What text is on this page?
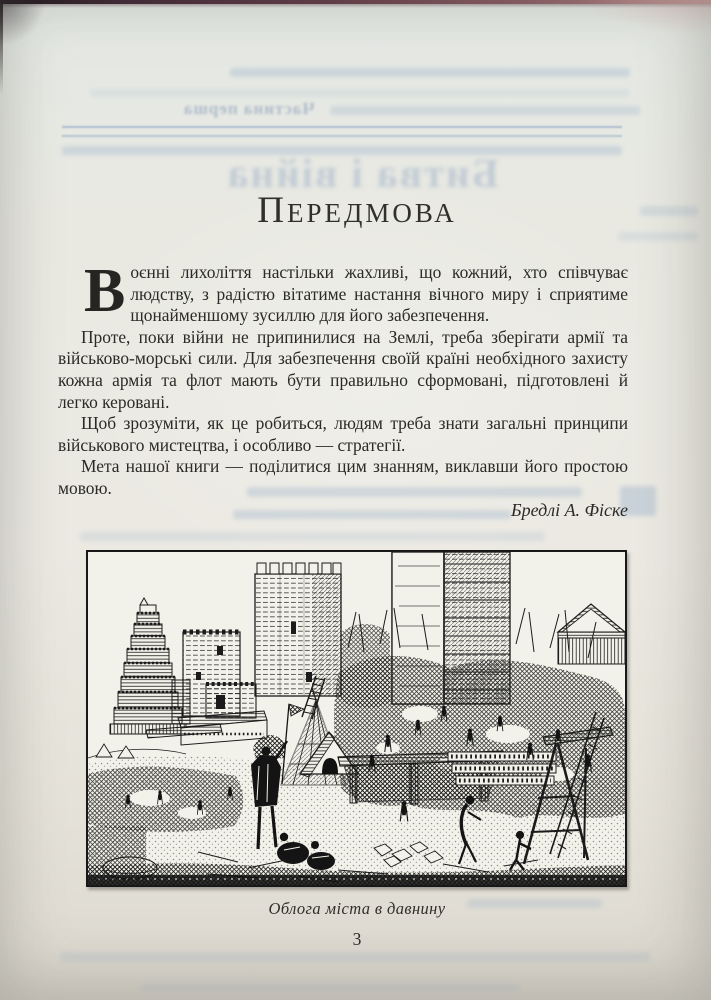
Частина перша
Битва і війна
ПЕРЕДМОВА

Воєнні лихоліття настільки жахливі, що кожний, хто співчуває людству, з радістю вітатиме настання вічного миру і сприятиме щонайменшому зусиллю для його забезпечення.

Проте, поки війни не припинилися на Землі, треба зберігати армії та військово-морські сили. Для забезпечення своїй країні необхідного захисту кожна армія та флот мають бути правильно сформовані, підготовлені й легко керовані.

Щоб зрозуміти, як це робиться, людям треба знати загальні принципи військового мистецтва, і особливо — стратегії.

Мета нашої книги — поділитися цим знанням, виклавши його простою мовою.

Бредлі А. Фіске
Облога міста в давнину
3
